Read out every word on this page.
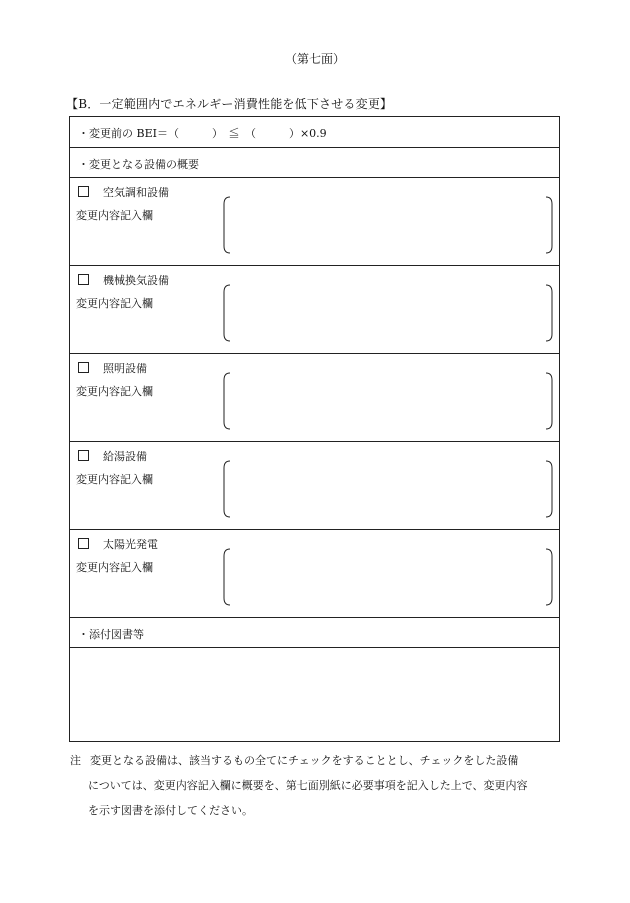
（第七面）
【B．一定範囲内でエネルギー消費性能を低下させる変更】
・変更前の BEI＝（　　　）　≦　（　　　）×0.9
・変更となる設備の概要
空気調和設備
変更内容記入欄
機械換気設備
変更内容記入欄
照明設備
変更内容記入欄
給湯設備
変更内容記入欄
太陽光発電
変更内容記入欄
・添付図書等
注 変更となる設備は、該当するもの全てにチェックをすることとし、チェックをした設備
については、変更内容記入欄に概要を、第七面別紙に必要事項を記入した上で、変更内容
を示す図書を添付してください。
